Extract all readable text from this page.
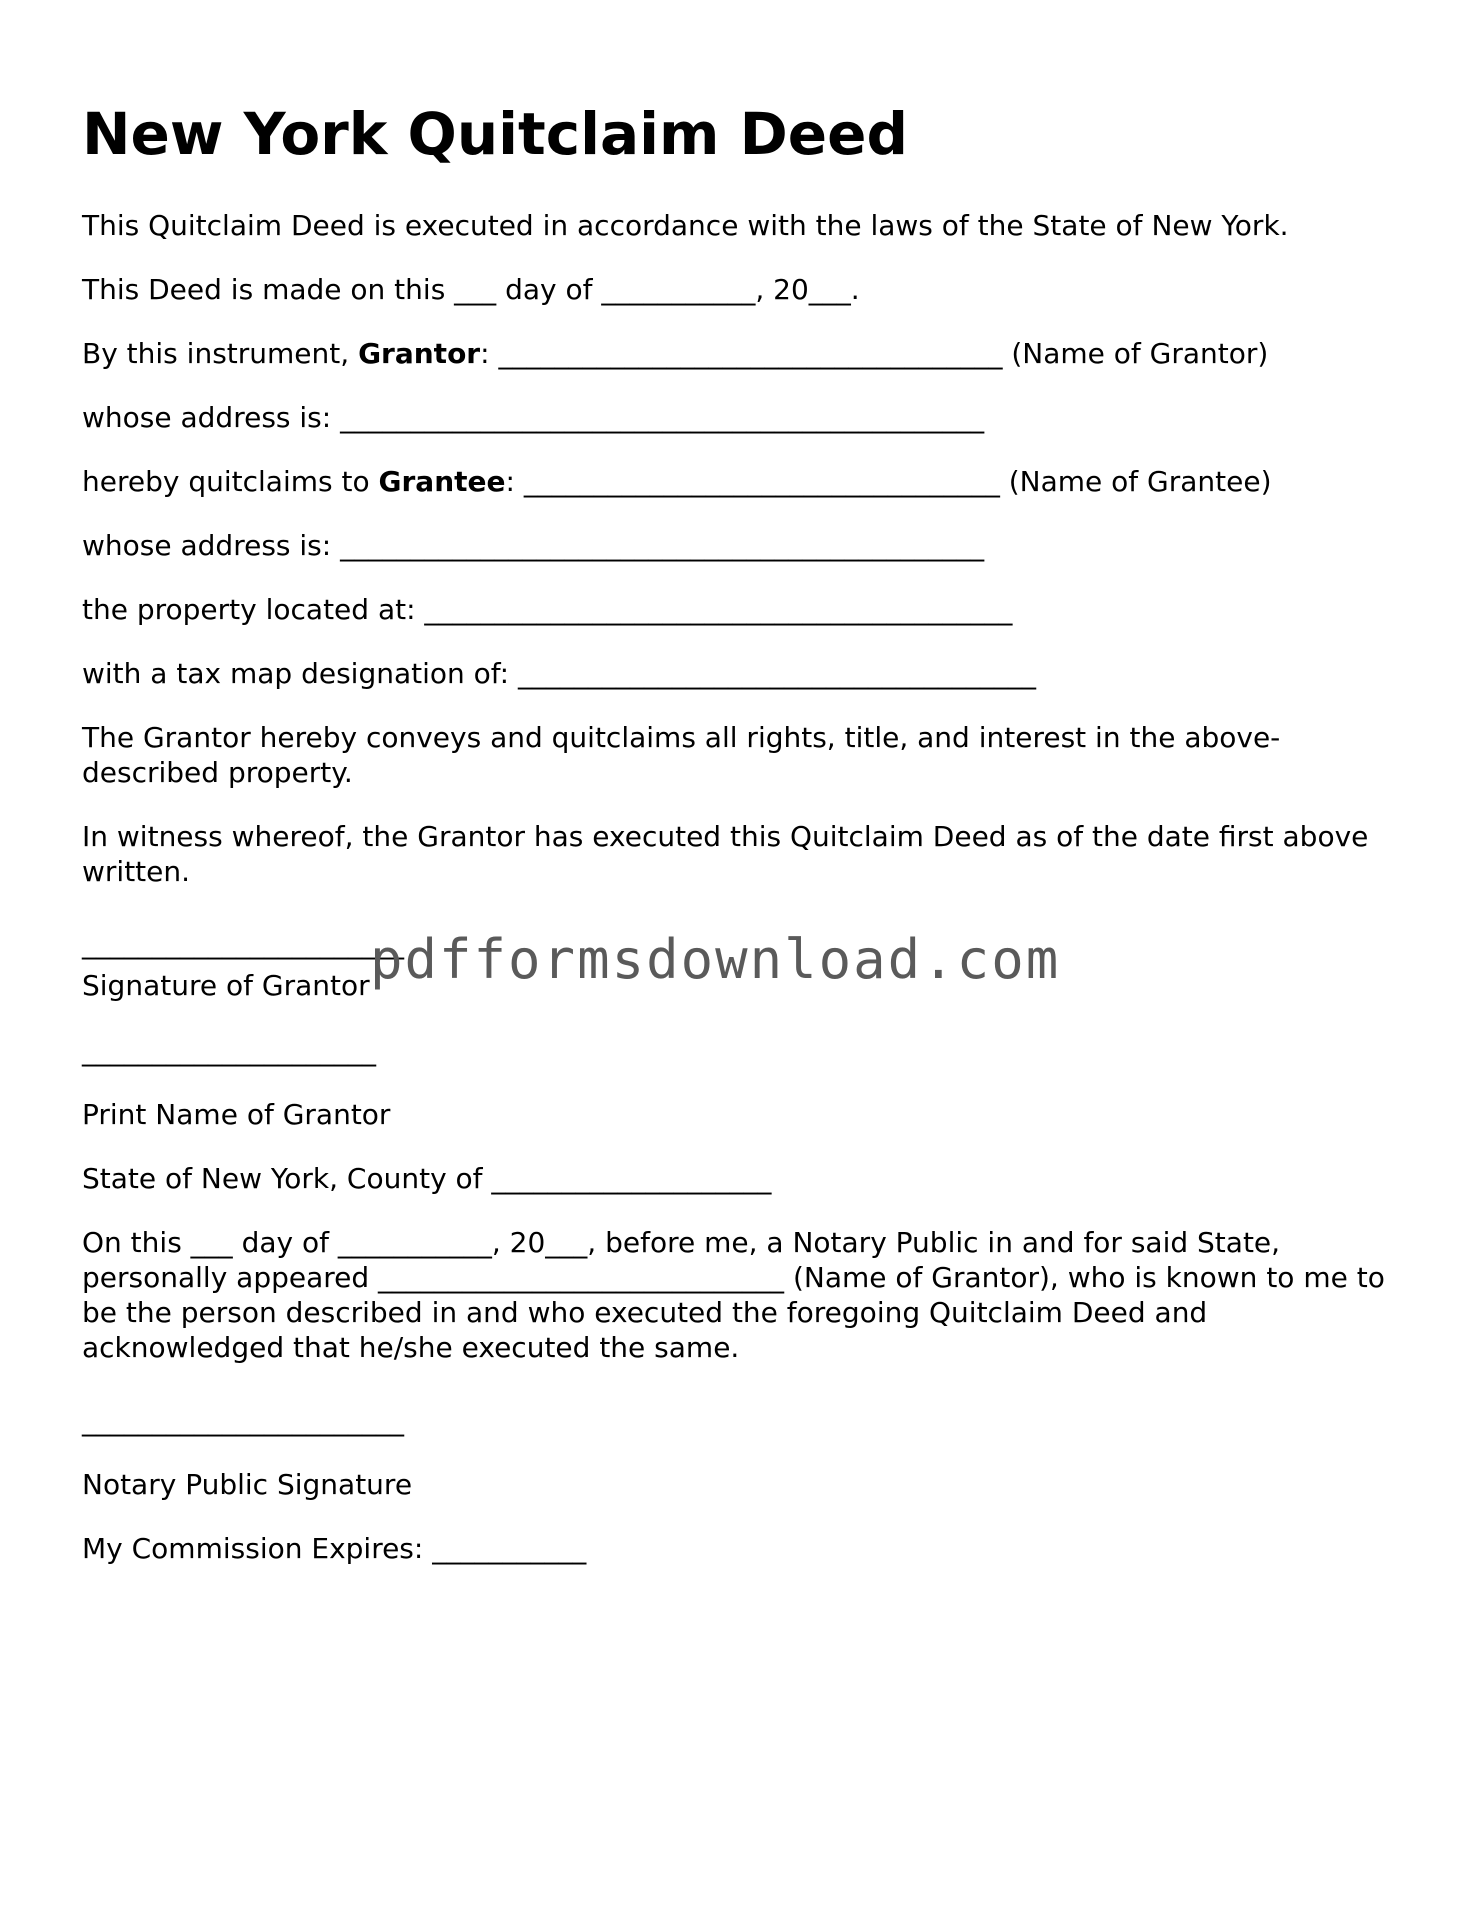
New York Quitclaim Deed

This Quitclaim Deed is executed in accordance with the laws of the State of New York.

This Deed is made on this ___ day of ___________, 20___.

By this instrument, Grantor: ____________________________________ (Name of Grantor)

whose address is: ______________________________________________

hereby quitclaims to Grantee: __________________________________ (Name of Grantee)

whose address is: ______________________________________________

the property located at: __________________________________________

with a tax map designation of: _____________________________________

The Grantor hereby conveys and quitclaims all rights, title, and interest in the above-described property.

In witness whereof, the Grantor has executed this Quitclaim Deed as of the date first above written.

_______________________

Signature of Grantor

_____________________

Print Name of Grantor

State of New York, County of ____________________

On this ___ day of ___________, 20___, before me, a Notary Public in and for said State, personally appeared _____________________________ (Name of Grantor), who is known to me to be the person described in and who executed the foregoing Quitclaim Deed and acknowledged that he/she executed the same.

_______________________

Notary Public Signature

My Commission Expires: ___________

pdfformsdownload.com
